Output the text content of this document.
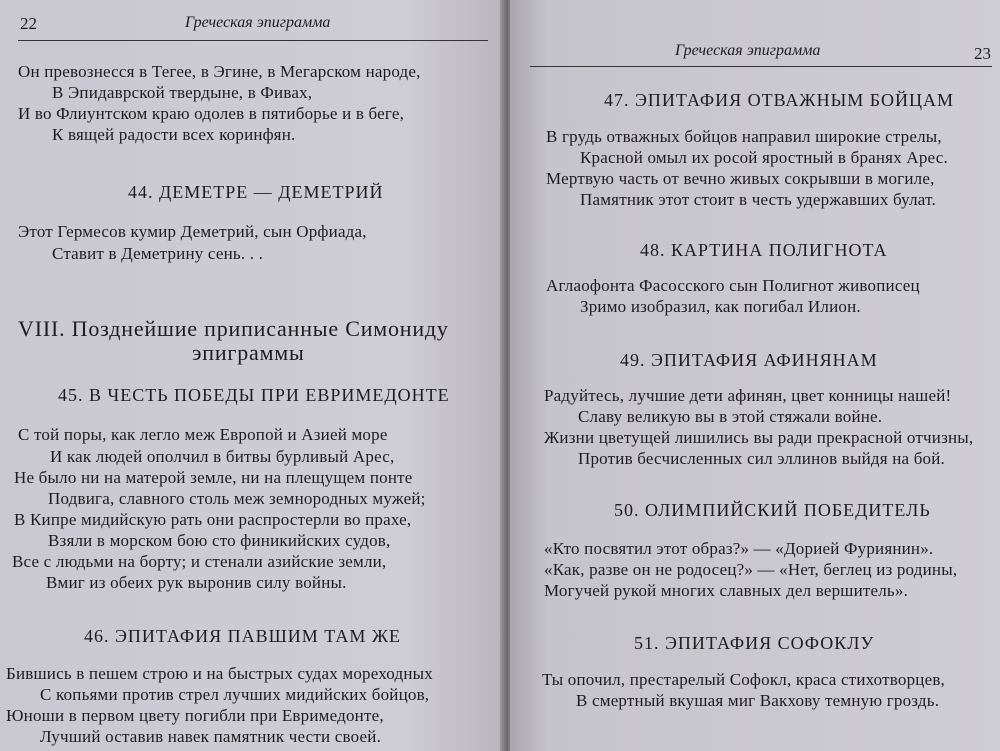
22	Греческая эпиграмма
Он превознесся в Тегее, в Эгине, в Мегарском народе,
В Эпидаврской твердыне, в Фивах,
И во Флиунтском краю одолев в пятиборье и в беге,
К вящей радости всех коринфян.
44. ДЕМЕТРЕ — ДЕМЕТРИЙ
Этот Гермесов кумир Деметрий, сын Орфиада,
Ставит в Деметрину сень. . .
VIII. Позднейшие приписанные Симониду
эпиграммы
45. В ЧЕСТЬ ПОБЕДЫ ПРИ ЕВРИМЕДОНТЕ
С той поры, как легло меж Европой и Азией море
И как людей ополчил в битвы бурливый Арес,
Не было ни на матерой земле, ни на плещущем понте
Подвига, славного столь меж земнородных мужей;
В Кипре мидийскую рать они распростерли во прахе,
Взяли в морском бою сто финикийских судов,
Все с людьми на борту; и стенали азийские земли,
Вмиг из обеих рук выронив силу войны.
46. ЭПИТАФИЯ ПАВШИМ ТАМ ЖЕ
Бившись в пешем строю и на быстрых судах мореходных
С копьями против стрел лучших мидийских бойцов,
Юноши в первом цвету погибли при Евримедонте,
Лучший оставив навек памятник чести своей.
Греческая эпиграмма	23
47. ЭПИТАФИЯ ОТВАЖНЫМ БОЙЦАМ
В грудь отважных бойцов направил широкие стрелы,
Красной омыл их росой яростный в бранях Арес.
Мертвую часть от вечно живых сокрывши в могиле,
Памятник этот стоит в честь удержавших булат.
48. КАРТИНА ПОЛИГНОТА
Аглаофонта Фасосского сын Полигнот живописец
Зримо изобразил, как погибал Илион.
49. ЭПИТАФИЯ АФИНЯНАМ
Радуйтесь, лучшие дети афинян, цвет конницы нашей!
Славу великую вы в этой стяжали войне.
Жизни цветущей лишились вы ради прекрасной отчизны,
Против бесчисленных сил эллинов выйдя на бой.
50. ОЛИМПИЙСКИЙ ПОБЕДИТЕЛЬ
«Кто посвятил этот образ?» — «Дорией Фуриянин».
«Как, разве он не родосец?» — «Нет, беглец из родины,
Могучей рукой многих славных дел вершитель».
51. ЭПИТАФИЯ СОФОКЛУ
Ты опочил, престарелый Софокл, краса стихотворцев,
В смертный вкушая миг Вакхову темную гроздь.
